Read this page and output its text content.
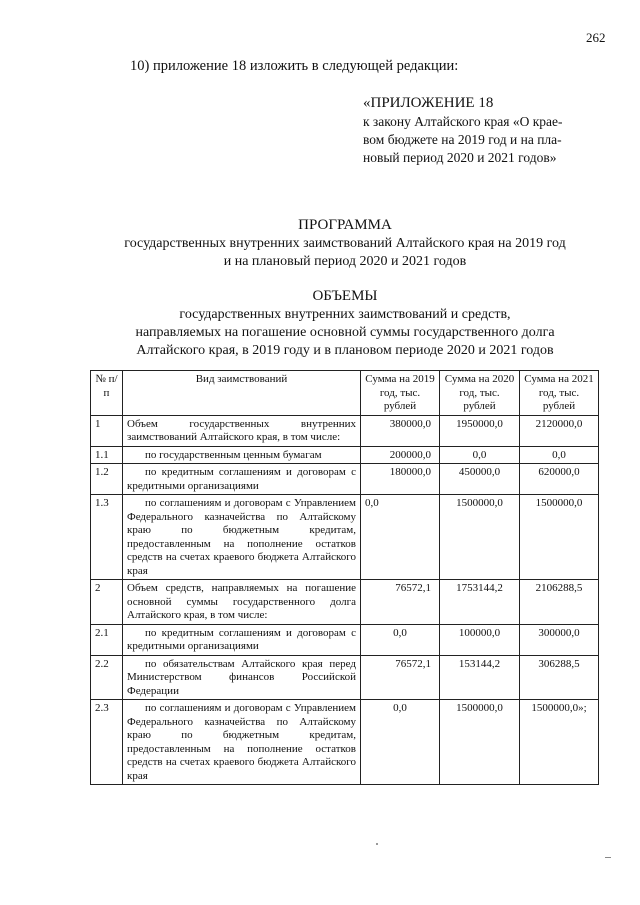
262
10) приложение 18 изложить в следующей редакции:
«ПРИЛОЖЕНИЕ 18
к закону Алтайского края «О крае-
вом бюджете на 2019 год и на пла-
новый период 2020 и 2021 годов»
ПРОГРАММА
государственных внутренних заимствований Алтайского края на 2019 год
и на плановый период 2020 и 2021 годов
ОБЪЕМЫ
государственных внутренних заимствований и средств,
направляемых на погашение основной суммы государственного долга
Алтайского края, в 2019 году и в плановом периоде 2020 и 2021 годов
№ п/п	Вид заимствований	Сумма на 2019 год, тыс. рублей	Сумма на 2020 год, тыс. рублей	Сумма на 2021 год, тыс. рублей
1	Объем государственных внутренних заимствований Алтайского края, в том числе:	380000,0	1950000,0	2120000,0
1.1	по государственным ценным бумагам	200000,0	0,0	0,0
1.2	по кредитным соглашениям и договорам с кредитными организациями	180000,0	450000,0	620000,0
1.3	по соглашениям и договорам с Управлением Федерального казначейства по Алтайскому краю по бюджетным кредитам, предоставленным на пополнение остатков средств на счетах краевого бюджета Алтайского края	0,0	1500000,0	1500000,0
2	Объем средств, направляемых на погашение основной суммы государственного долга Алтайского края, в том числе:	76572,1	1753144,2	2106288,5
2.1	по кредитным соглашениям и договорам с кредитными организациями	0,0	100000,0	300000,0
2.2	по обязательствам Алтайского края перед Министерством финансов Российской Федерации	76572,1	153144,2	306288,5
2.3	по соглашениям и договорам с Управлением Федерального казначейства по Алтайскому краю по бюджетным кредитам, предоставленным на пополнение остатков средств на счетах краевого бюджета Алтайского края	0,0	1500000,0	1500000,0»;
